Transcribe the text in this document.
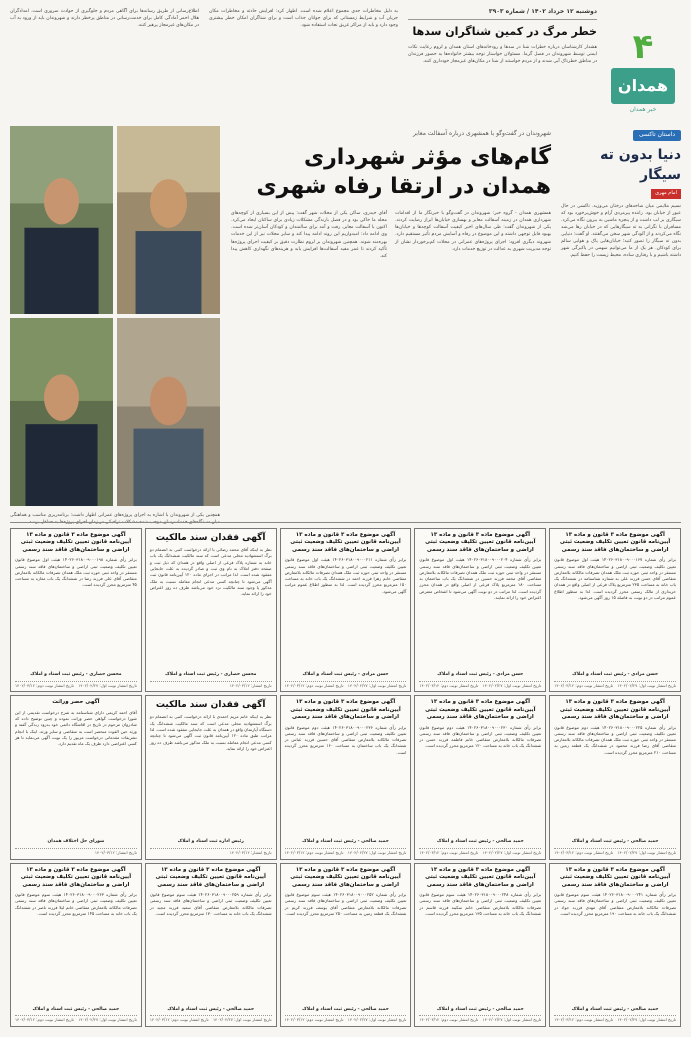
۴
همدان
خبر همدان
دوشنبه ۱۲ خرداد ۱۴۰۲ / شماره ۳۹۰۳
خطر مرگ در کمین شناگران سدها
هشدار کارشناسان درباره خطرات شنا در سدها و رودخانه‌های استان همدان و لزوم رعایت نکات ایمنی توسط شهروندان در فصل گرما. مسئولان خواستار توجه بیشتر خانواده‌ها به حضور فرزندان در مناطق خطرناک آبی شدند و از مردم خواستند از شنا در مکان‌های غیرمجاز خودداری کنند.
به دلیل مخاطرات جدی مجموع اعلام شده است. اظهار کرد: افزایش حادثه و مخاطرات مکان جریان آب و شرایط زمستانی که برای جوانان جذاب است و برای شناگران امکان خطر بیشتری وجود دارد و باید از مراکز غریق نجات استفاده شود.
اطلاع‌رسانی از طریق رسانه‌ها برای آگاهی مردم و جلوگیری از حوادث ضروری است. امدادگران هلال احمر آمادگی کامل برای خدمت‌رسانی در مناطق پرخطر دارند و شهروندان باید از ورود به آب در مکان‌های غیرمجاز پرهیز کنند.
داستان تاکسی
دنیا بدون ته سیگار
امام مهری
نسیم ملایمی میان شاخه‌های درختان می‌وزید. تاکسی در حال عبور از خیابان بود. راننده پیرمردی آرام و خوش‌برخورد بود که سیگاری بر لب داشت و از پنجره ماشین به بیرون نگاه می‌کرد. مسافران با نگرانی به ته سیگارهایی که در خیابان رها می‌شد نگاه می‌کردند و از آلودگی شهر سخن می‌گفتند. او گفت: دنیایی بدون ته سیگار را تصور کنید؛ خیابان‌هایی پاک و هوایی سالم برای کودکان. هر یک از ما می‌توانیم سهمی در پاکیزگی شهر داشته باشیم و با رفتاری ساده، محیط زیست را حفظ کنیم.
شهروندان در گفت‌وگو با همشهری درباره آسفالت معابر
گام‌های مؤثر شهرداری همدان در ارتقا رفاه شهری
همشهری همدان - گروه خبر: شهروندان در گفت‌وگو با خبرنگار ما از اقدامات شهرداری همدان در زمینه آسفالت معابر و بهسازی خیابان‌ها ابراز رضایت کردند. یکی از شهروندان گفت: طی سال‌های اخیر کیفیت آسفالت کوچه‌ها و خیابان‌ها بهبود قابل توجهی داشته و این موضوع در رفاه و آسایش مردم تأثیر مستقیم دارد. شهروند دیگری افزود: اجرای پروژه‌های عمرانی در محلات کم‌برخوردار نشان از توجه مدیریت شهری به عدالت در توزیع خدمات دارد.
آقای حیدری، ساکن یکی از محلات شهر گفت: پیش از این بسیاری از کوچه‌های محله ما خاکی بود و در فصل بارندگی مشکلات زیادی برای ساکنان ایجاد می‌کرد. اکنون با آسفالت معابر، رفت و آمد برای سالمندان و کودکان آسان‌تر شده است. وی ادامه داد: امیدواریم این روند ادامه پیدا کند و سایر محلات نیز از این خدمات بهره‌مند شوند. همچنین شهروندان بر لزوم نظارت دقیق بر کیفیت اجرای پروژه‌ها تأکید کردند تا عمر مفید آسفالت‌ها افزایش یابد و هزینه‌های نگهداری کاهش پیدا کند.
همچنین یکی از شهروندان با اشاره به اجرای پروژه‌های عمرانی اظهار داشت: برنامه‌ریزی مناسب و هماهنگی
آگهی موضوع ماده ۳ قانون و ماده ۱۳ آیین‌نامه قانون تعیین تکلیف وضعیت ثبتی اراضی و ساختمان‌های فاقد سند رسمی
برابر رأی شماره ۱۴۰۲۶۰۳۱۸۰۰۹۰۰۰۱۶۷ هیئت اول موضوع قانون تعیین تکلیف وضعیت ثبتی اراضی و ساختمان‌های فاقد سند رسمی مستقر در واحد ثبتی حوزه ثبت ملک همدان تصرفات مالکانه بلامعارض متقاضی آقای حسن فرزند علی به شماره شناسنامه در ششدانگ یک باب خانه به مساحت ۲۳۵ مترمربع پلاک فرعی از اصلی واقع در همدان خریداری از مالک رسمی محرز گردیده است. لذا به منظور اطلاع عموم مراتب در دو نوبت به فاصله ۱۵ روز آگهی می‌شود.
حسن مرادی - رئیس ثبت اسناد و املاک
تاریخ انتشار نوبت اول: ۱۴۰۲/۰۲/۲۷
تاریخ انتشار نوبت دوم: ۱۴۰۲/۰۳/۱۲
آگهی موضوع ماده ۳ قانون و ماده ۱۳ آیین‌نامه قانون تعیین تکلیف وضعیت ثبتی اراضی و ساختمان‌های فاقد سند رسمی
برابر رأی شماره ۱۴۰۲۶۰۳۱۸۰۰۹۰۰۰۲۰۴ هیئت اول موضوع قانون تعیین تکلیف وضعیت ثبتی اراضی و ساختمان‌های فاقد سند رسمی مستقر در واحد ثبتی حوزه ثبت ملک همدان تصرفات مالکانه بلامعارض متقاضی آقای محمد فرزند حسین در ششدانگ یک باب ساختمان به مساحت ۱۸۰ مترمربع پلاک فرعی از اصلی واقع در همدان محرز گردیده است. لذا مراتب در دو نوبت آگهی می‌شود تا اشخاص معترض اعتراض خود را ارائه نمایند.
حسن مرادی - رئیس ثبت اسناد و املاک
تاریخ انتشار نوبت اول: ۱۴۰۲/۰۲/۲۷
تاریخ انتشار نوبت دوم: ۱۴۰۲/۰۳/۱۲
آگهی موضوع ماده ۳ قانون و ماده ۱۳ آیین‌نامه قانون تعیین تکلیف وضعیت ثبتی اراضی و ساختمان‌های فاقد سند رسمی
برابر رأی شماره ۱۴۰۲۶۰۳۱۸۰۰۹۰۰۰۲۱۱ هیئت اول موضوع قانون تعیین تکلیف وضعیت ثبتی اراضی و ساختمان‌های فاقد سند رسمی مستقر در واحد ثبتی حوزه ثبت ملک همدان تصرفات مالکانه بلامعارض متقاضی خانم زهرا فرزند احمد در ششدانگ یک باب خانه به مساحت ۱۵۰ مترمربع محرز گردیده است. لذا به منظور اطلاع عموم مراتب آگهی می‌شود.
حسن مرادی - رئیس ثبت اسناد و املاک
تاریخ انتشار نوبت اول: ۱۴۰۲/۰۲/۲۷
تاریخ انتشار نوبت دوم: ۱۴۰۲/۰۳/۱۲
آگهی فقدان سند مالکیت
نظر به اینکه آقای محمد رضائی با ارائه درخواست کتبی به انضمام دو برگ استشهادیه محلی مدعی است که سند مالکیت ششدانگ یک باب خانه به شماره پلاک فرعی از اصلی واقع در همدان که ذیل ثبت و صفحه دفتر املاک به نام وی ثبت و صادر گردیده به علت جابجایی مفقود شده است. لذا مراتب در اجرای ماده ۱۲۰ آیین‌نامه قانون ثبت آگهی می‌شود تا چنانچه کسی مدعی انجام معامله نسبت به ملک مذکور یا وجود سند مالکیت نزد خود می‌باشد ظرف ده روز اعتراض خود را ارائه نماید.
محسن حصاری - رئیس ثبت اسناد و املاک
تاریخ انتشار: ۱۴۰۲/۰۳/۱۲
آگهی موضوع ماده ۳ قانون و ماده ۱۳ آیین‌نامه قانون تعیین تکلیف وضعیت ثبتی اراضی و ساختمان‌های فاقد سند رسمی
برابر رأی شماره ۱۴۰۲۶۰۳۱۸۰۰۹۰۰۰۱۹۸ هیئت اول موضوع قانون تعیین تکلیف وضعیت ثبتی اراضی و ساختمان‌های فاقد سند رسمی مستقر در واحد ثبتی حوزه ثبت ملک همدان تصرفات مالکانه بلامعارض متقاضی آقای علی فرزند رضا در ششدانگ یک باب مغازه به مساحت ۴۵ مترمربع محرز گردیده است.
محسن حصاری - رئیس ثبت اسناد و املاک
تاریخ انتشار نوبت اول: ۱۴۰۲/۰۲/۲۷
تاریخ انتشار نوبت دوم: ۱۴۰۲/۰۳/۱۲
آگهی موضوع ماده ۳ قانون و ماده ۱۳ آیین‌نامه قانون تعیین تکلیف وضعیت ثبتی اراضی و ساختمان‌های فاقد سند رسمی
برابر رأی شماره ۱۴۰۲۶۰۳۱۸۰۰۹۰۰۰۲۲۵ هیئت دوم موضوع قانون تعیین تکلیف وضعیت ثبتی اراضی و ساختمان‌های فاقد سند رسمی مستقر در واحد ثبتی حوزه ثبت ملک همدان تصرفات مالکانه بلامعارض متقاضی آقای رضا فرزند محمود در ششدانگ یک قطعه زمین به مساحت ۲۱۰ مترمربع محرز گردیده است.
حمید صالحی - رئیس ثبت اسناد و املاک
تاریخ انتشار نوبت اول: ۱۴۰۲/۰۲/۲۷
تاریخ انتشار نوبت دوم: ۱۴۰۲/۰۳/۱۲
آگهی موضوع ماده ۳ قانون و ماده ۱۳ آیین‌نامه قانون تعیین تکلیف وضعیت ثبتی اراضی و ساختمان‌های فاقد سند رسمی
برابر رأی شماره ۱۴۰۲۶۰۳۱۸۰۰۹۰۰۰۲۳۰ هیئت دوم موضوع قانون تعیین تکلیف وضعیت ثبتی اراضی و ساختمان‌های فاقد سند رسمی تصرفات مالکانه بلامعارض متقاضی خانم فاطمه فرزند حسن در ششدانگ یک باب خانه به مساحت ۱۲۰ مترمربع محرز گردیده است.
حمید صالحی - رئیس ثبت اسناد و املاک
تاریخ انتشار نوبت اول: ۱۴۰۲/۰۲/۲۷
تاریخ انتشار نوبت دوم: ۱۴۰۲/۰۳/۱۲
آگهی موضوع ماده ۳ قانون و ماده ۱۳ آیین‌نامه قانون تعیین تکلیف وضعیت ثبتی اراضی و ساختمان‌های فاقد سند رسمی
برابر رأی شماره ۱۴۰۲۶۰۳۱۸۰۰۹۰۰۰۲۳۶ هیئت دوم موضوع قانون تعیین تکلیف وضعیت ثبتی اراضی و ساختمان‌های فاقد سند رسمی تصرفات مالکانه بلامعارض متقاضی آقای حسین فرزند عباس در ششدانگ یک باب ساختمان به مساحت ۱۶۰ مترمربع محرز گردیده است.
حمید صالحی - رئیس ثبت اسناد و املاک
تاریخ انتشار نوبت اول: ۱۴۰۲/۰۲/۲۷
تاریخ انتشار نوبت دوم: ۱۴۰۲/۰۳/۱۲
آگهی فقدان سند مالکیت
نظر به اینکه خانم مریم احمدی با ارائه درخواست کتبی به انضمام دو برگ استشهادیه محلی مدعی است که سند مالکیت ششدانگ یک دستگاه آپارتمان واقع در همدان به علت جابجایی مفقود شده است. لذا مراتب طبق ماده ۱۲۰ آیین‌نامه قانون ثبت آگهی می‌شود تا چنانچه کسی مدعی انجام معامله نسبت به ملک مذکور می‌باشد ظرف ده روز اعتراض خود را ارائه نماید.
رئیس اداره ثبت اسناد و املاک
تاریخ انتشار: ۱۴۰۲/۰۳/۱۲
آگهی حصر وراثت
آقای احمد کریمی دارای شناسنامه به شرح درخواست تقدیمی از این شورا درخواست گواهی حصر وراثت نموده و چنین توضیح داده که شادروان مرحوم در تاریخ در اقامتگاه دائمی خود بدرود زندگی گفته و ورثه حین الفوت منحصر است به متقاضی و سایر ورثه. اینک با انجام تشریفات مقدماتی درخواست مزبور را یک نوبت آگهی می‌نماید تا هر کسی اعتراضی دارد ظرف یک ماه تقدیم دارد.
شورای حل اختلاف همدان
تاریخ انتشار: ۱۴۰۲/۰۳/۱۲
آگهی موضوع ماده ۳ قانون و ماده ۱۳ آیین‌نامه قانون تعیین تکلیف وضعیت ثبتی اراضی و ساختمان‌های فاقد سند رسمی
برابر رأی شماره ۱۴۰۲۶۰۳۱۸۰۰۹۰۰۰۲۴۱ هیئت سوم موضوع قانون تعیین تکلیف وضعیت ثبتی اراضی و ساختمان‌های فاقد سند رسمی تصرفات مالکانه بلامعارض متقاضی آقای مهدی فرزند جواد در ششدانگ یک باب خانه به مساحت ۱۹۰ مترمربع محرز گردیده است.
حمید صالحی - رئیس ثبت اسناد و املاک
تاریخ انتشار نوبت اول: ۱۴۰۲/۰۲/۲۷
تاریخ انتشار نوبت دوم: ۱۴۰۲/۰۳/۱۲
آگهی موضوع ماده ۳ قانون و ماده ۱۳ آیین‌نامه قانون تعیین تکلیف وضعیت ثبتی اراضی و ساختمان‌های فاقد سند رسمی
برابر رأی شماره ۱۴۰۲۶۰۳۱۸۰۰۹۰۰۰۲۴۸ هیئت سوم موضوع قانون تعیین تکلیف وضعیت ثبتی اراضی و ساختمان‌های فاقد سند رسمی تصرفات مالکانه بلامعارض متقاضی خانم سکینه فرزند قاسم در ششدانگ یک باب خانه به مساحت ۱۳۵ مترمربع محرز گردیده است.
حمید صالحی - رئیس ثبت اسناد و املاک
تاریخ انتشار نوبت اول: ۱۴۰۲/۰۲/۲۷
تاریخ انتشار نوبت دوم: ۱۴۰۲/۰۳/۱۲
آگهی موضوع ماده ۳ قانون و ماده ۱۳ آیین‌نامه قانون تعیین تکلیف وضعیت ثبتی اراضی و ساختمان‌های فاقد سند رسمی
برابر رأی شماره ۱۴۰۲۶۰۳۱۸۰۰۹۰۰۰۲۵۲ هیئت سوم موضوع قانون تعیین تکلیف وضعیت ثبتی اراضی و ساختمان‌های فاقد سند رسمی تصرفات مالکانه بلامعارض متقاضی آقای یوسف فرزند کریم در ششدانگ یک قطعه زمین به مساحت ۲۵۰ مترمربع محرز گردیده است.
حمید صالحی - رئیس ثبت اسناد و املاک
تاریخ انتشار نوبت اول: ۱۴۰۲/۰۲/۲۷
تاریخ انتشار نوبت دوم: ۱۴۰۲/۰۳/۱۲
آگهی موضوع ماده ۳ قانون و ماده ۱۳ آیین‌نامه قانون تعیین تکلیف وضعیت ثبتی اراضی و ساختمان‌های فاقد سند رسمی
برابر رأی شماره ۱۴۰۲۶۰۳۱۸۰۰۹۰۰۰۲۵۹ هیئت سوم موضوع قانون تعیین تکلیف وضعیت ثبتی اراضی و ساختمان‌های فاقد سند رسمی تصرفات مالکانه بلامعارض متقاضی آقای سعید فرزند مجید در ششدانگ یک باب خانه به مساحت ۱۷۰ مترمربع محرز گردیده است.
حمید صالحی - رئیس ثبت اسناد و املاک
تاریخ انتشار نوبت اول: ۱۴۰۲/۰۲/۲۷
تاریخ انتشار نوبت دوم: ۱۴۰۲/۰۳/۱۲
آگهی موضوع ماده ۳ قانون و ماده ۱۳ آیین‌نامه قانون تعیین تکلیف وضعیت ثبتی اراضی و ساختمان‌های فاقد سند رسمی
برابر رأی شماره ۱۴۰۲۶۰۳۱۸۰۰۹۰۰۰۲۶۳ هیئت سوم موضوع قانون تعیین تکلیف وضعیت ثبتی اراضی و ساختمان‌های فاقد سند رسمی تصرفات مالکانه بلامعارض متقاضی خانم لیلا فرزند ناصر در ششدانگ یک باب خانه به مساحت ۱۴۵ مترمربع محرز گردیده است.
حمید صالحی - رئیس ثبت اسناد و املاک
تاریخ انتشار نوبت اول: ۱۴۰۲/۰۲/۲۷
تاریخ انتشار نوبت دوم: ۱۴۰۲/۰۳/۱۲
